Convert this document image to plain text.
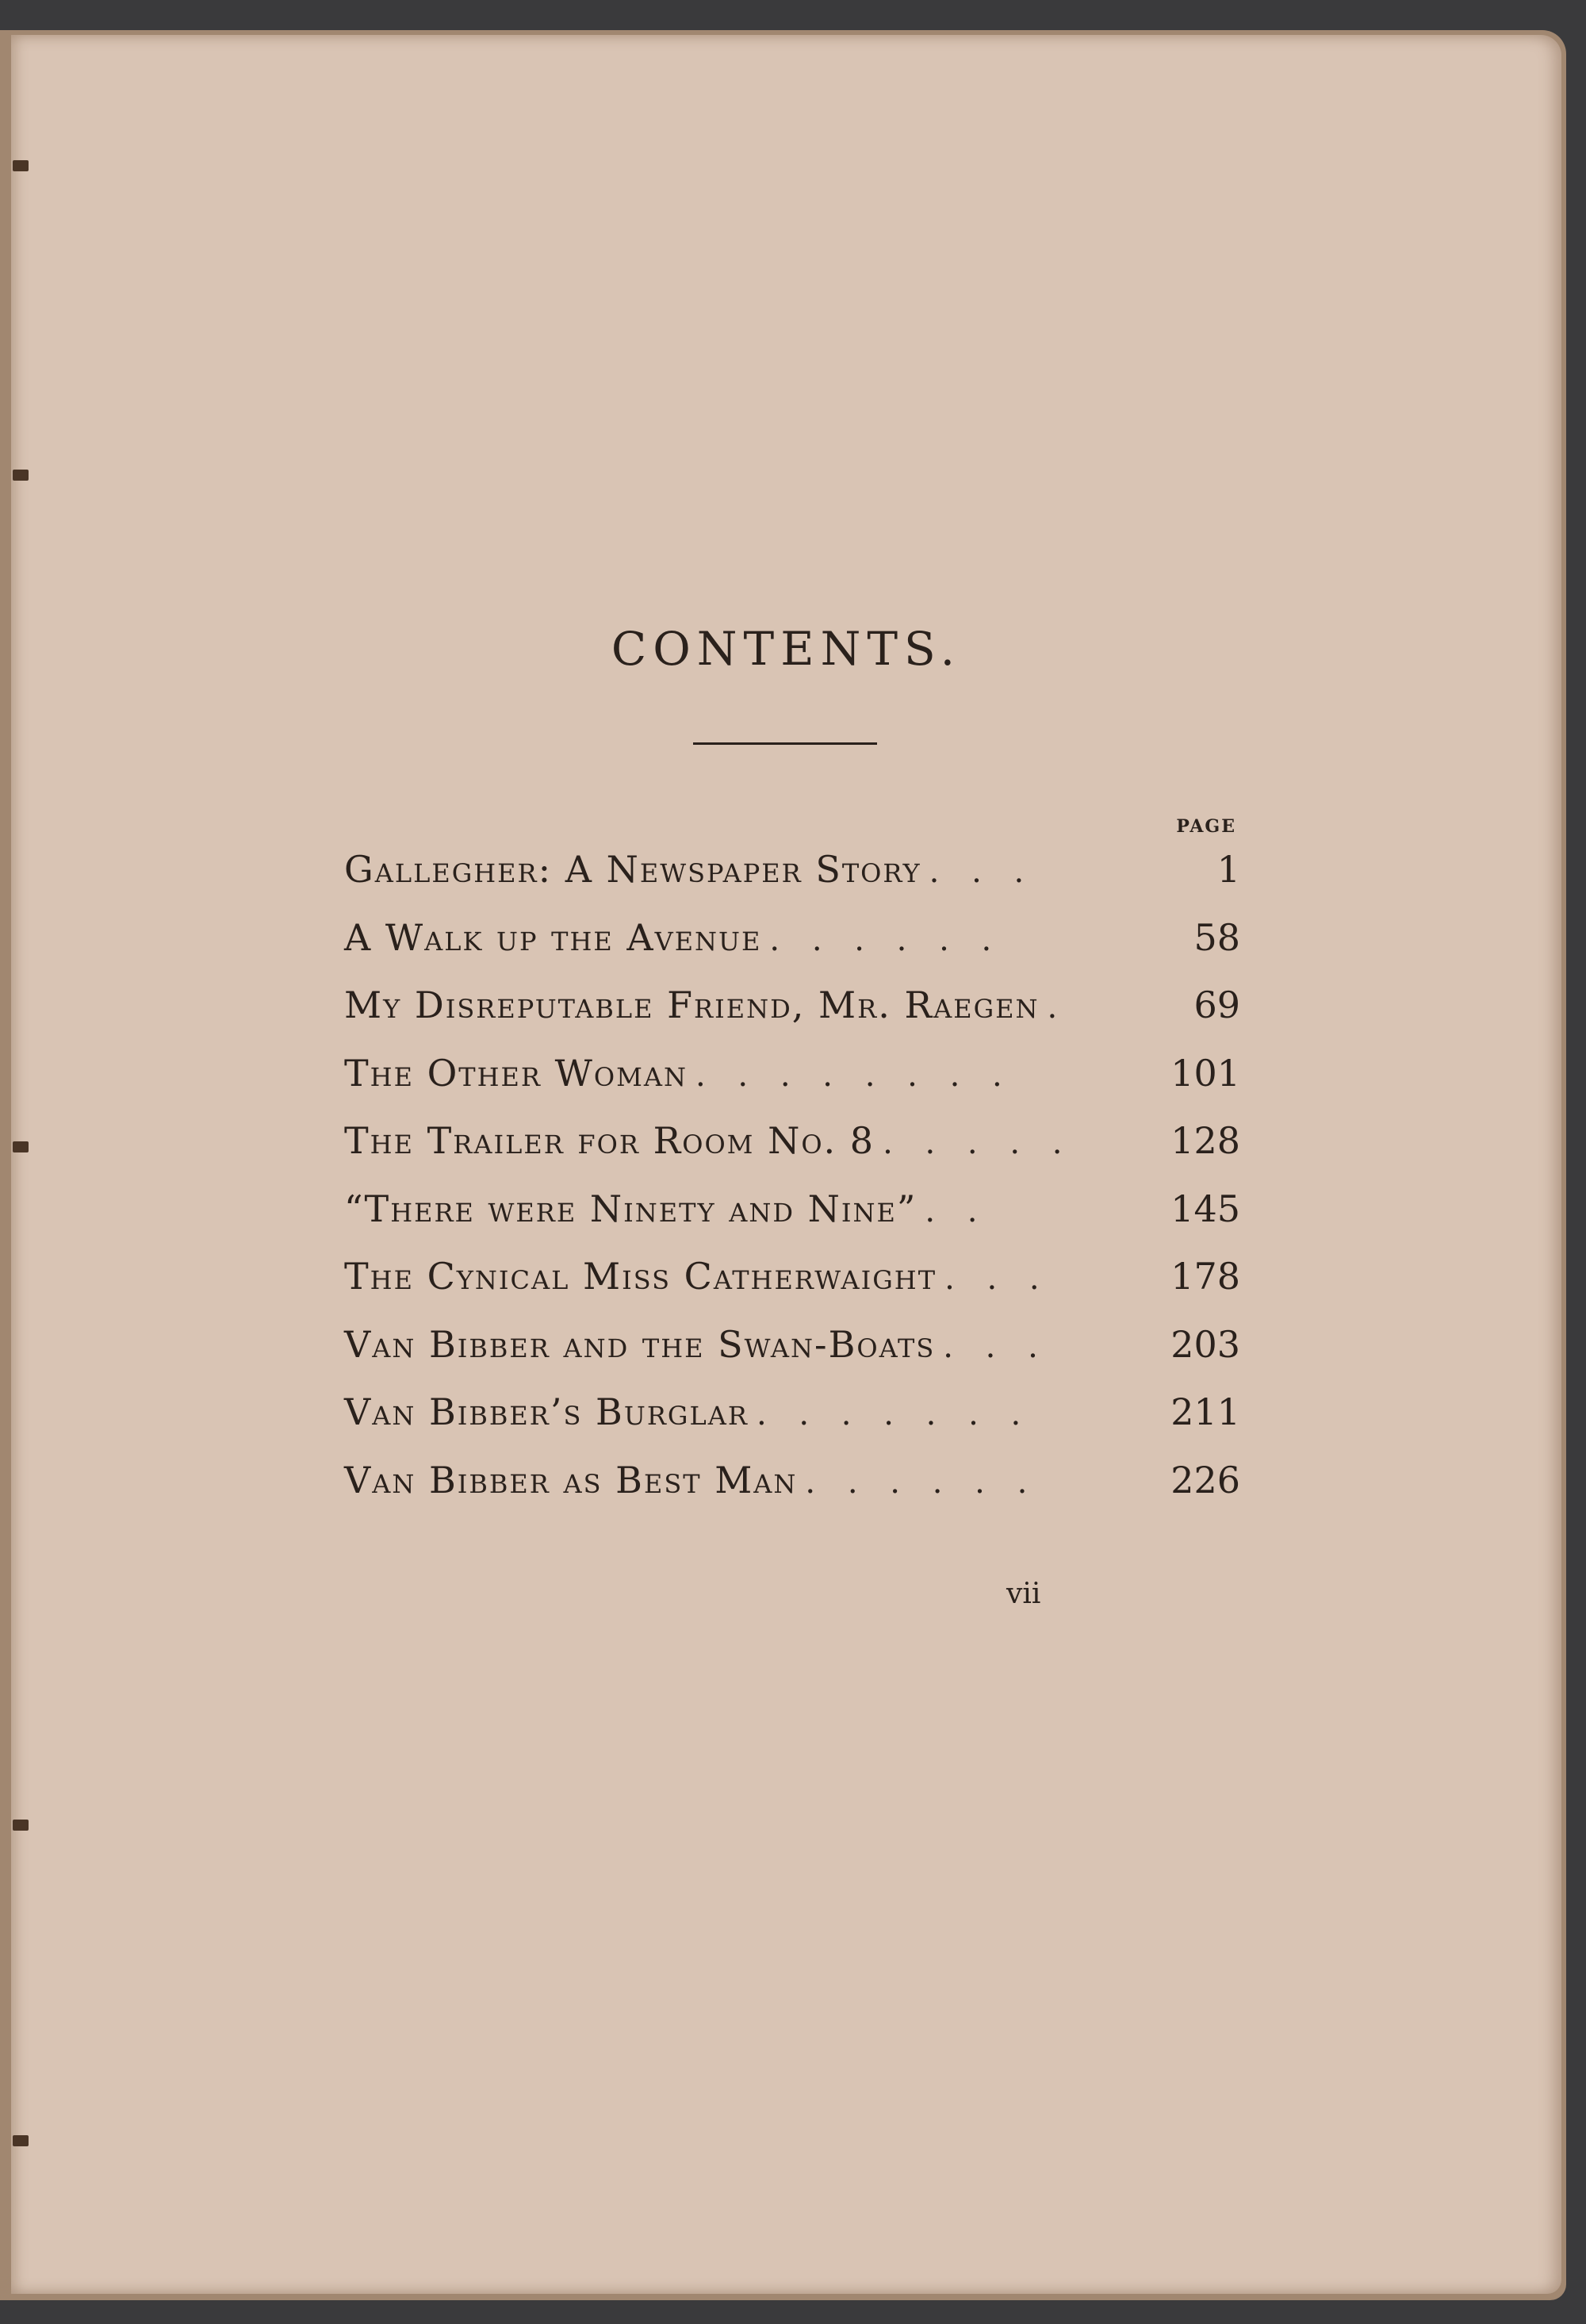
CONTENTS.
PAGE
Gallegher: A Newspaper Story . . .	1
A Walk up the Avenue . . . . . .	58
My Disreputable Friend, Mr. Raegen .	69
The Other Woman . . . . . . . .	101
The Trailer for Room No. 8 . . . . .	128
“There were Ninety and Nine” . .	145
The Cynical Miss Catherwaight . . .	178
Van Bibber and the Swan-Boats . . .	203
Van Bibber’s Burglar . . . . . . .	211
Van Bibber as Best Man . . . . . .	226
vii
